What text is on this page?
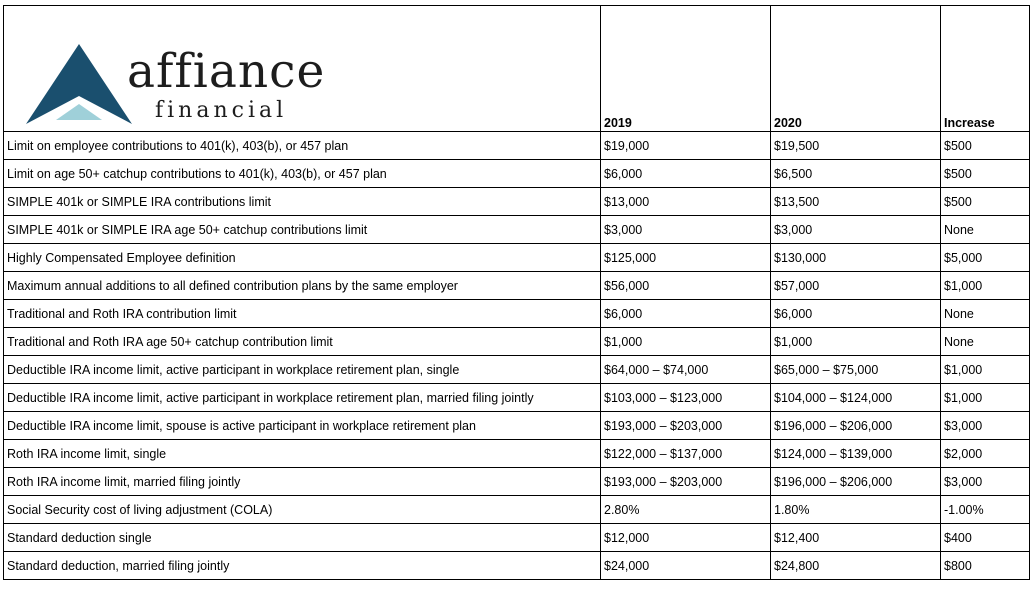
affiance
financial	2019	2020	Increase
Limit on employee contributions to 401(k), 403(b), or 457 plan	$19,000	$19,500	$500
Limit on age 50+ catchup contributions to 401(k), 403(b), or 457 plan	$6,000	$6,500	$500
SIMPLE 401k or SIMPLE IRA contributions limit	$13,000	$13,500	$500
SIMPLE 401k or SIMPLE IRA age 50+ catchup contributions limit	$3,000	$3,000	None
Highly Compensated Employee definition	$125,000	$130,000	$5,000
Maximum annual additions to all defined contribution plans by the same employer	$56,000	$57,000	$1,000
Traditional and Roth IRA contribution limit	$6,000	$6,000	None
Traditional and Roth IRA age 50+ catchup contribution limit	$1,000	$1,000	None
Deductible IRA income limit, active participant in workplace retirement plan, single	$64,000 – $74,000	$65,000 – $75,000	$1,000
Deductible IRA income limit, active participant in workplace retirement plan, married filing jointly	$103,000 – $123,000	$104,000 – $124,000	$1,000
Deductible IRA income limit, spouse is active participant in workplace retirement plan	$193,000 – $203,000	$196,000 – $206,000	$3,000
Roth IRA income limit, single	$122,000 – $137,000	$124,000 – $139,000	$2,000
Roth IRA income limit, married filing jointly	$193,000 – $203,000	$196,000 – $206,000	$3,000
Social Security cost of living adjustment (COLA)	2.80%	1.80%	-1.00%
Standard deduction single	$12,000	$12,400	$400
Standard deduction, married filing jointly	$24,000	$24,800	$800
